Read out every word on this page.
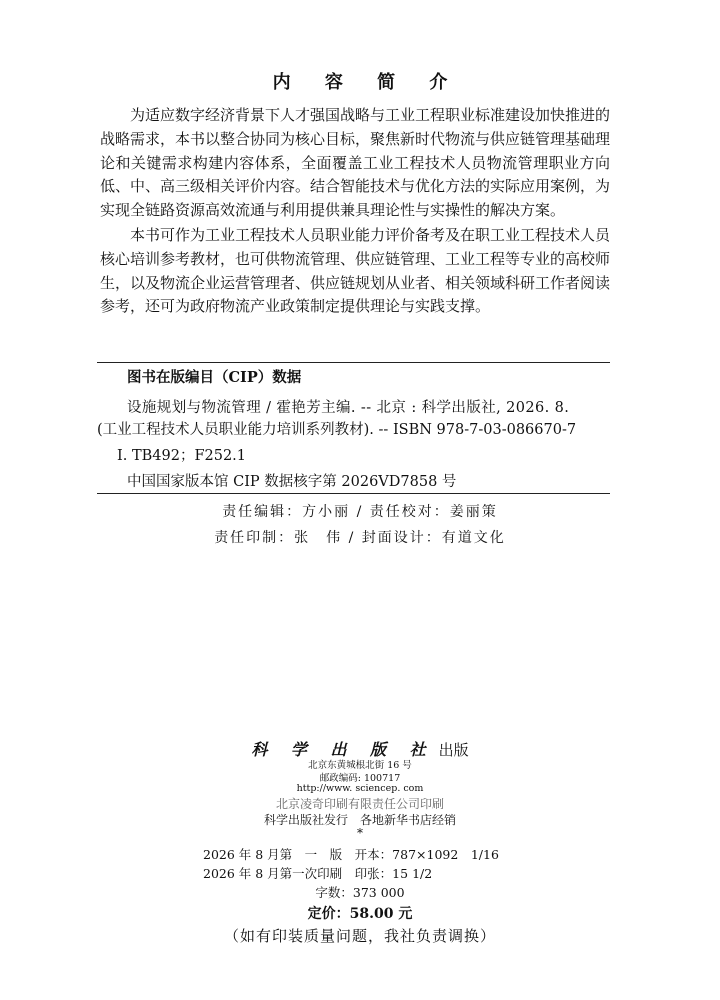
内 容 简 介

为适应数字经济背景下人才强国战略与工业工程职业标准建设加快推进的战略需求，本书以整合协同为核心目标，聚焦新时代物流与供应链管理基础理论和关键需求构建内容体系，全面覆盖工业工程技术人员物流管理职业方向低、中、高三级相关评价内容。结合智能技术与优化方法的实际应用案例，为实现全链路资源高效流通与利用提供兼具理论性与实操性的解决方案。

本书可作为工业工程技术人员职业能力评价备考及在职工业工程技术人员核心培训参考教材，也可供物流管理、供应链管理、工业工程等专业的高校师生，以及物流企业运营管理者、供应链规划从业者、相关领域科研工作者阅读参考，还可为政府物流产业政策制定提供理论与实践支撑。

图书在版编目（CIP）数据
设施规划与物流管理 / 霍艳芳主编. -- 北京 : 科学出版社, 2026. 8.
(工业工程技术人员职业能力培训系列教材). -- ISBN 978-7-03-086670-7
Ⅰ. TB492；F252.1
中国国家版本馆 CIP 数据核字第 2026VD7858 号
责任编辑：方小丽 / 责任校对：姜丽策
责任印制：张　伟 / 封面设计：有道文化
科 学 出 版 社 出版
北京东黄城根北街 16 号
邮政编码: 100717
http://www. sciencep. com
北京凌奇印刷有限责任公司印刷
科学出版社发行　各地新华书店经销
*
2026 年 8 月第　一　版　开本：787×1092　1/16
2026 年 8 月第一次印刷　印张：15 1/2
字数：373 000
定价：58.00 元
（如有印装质量问题，我社负责调换）
